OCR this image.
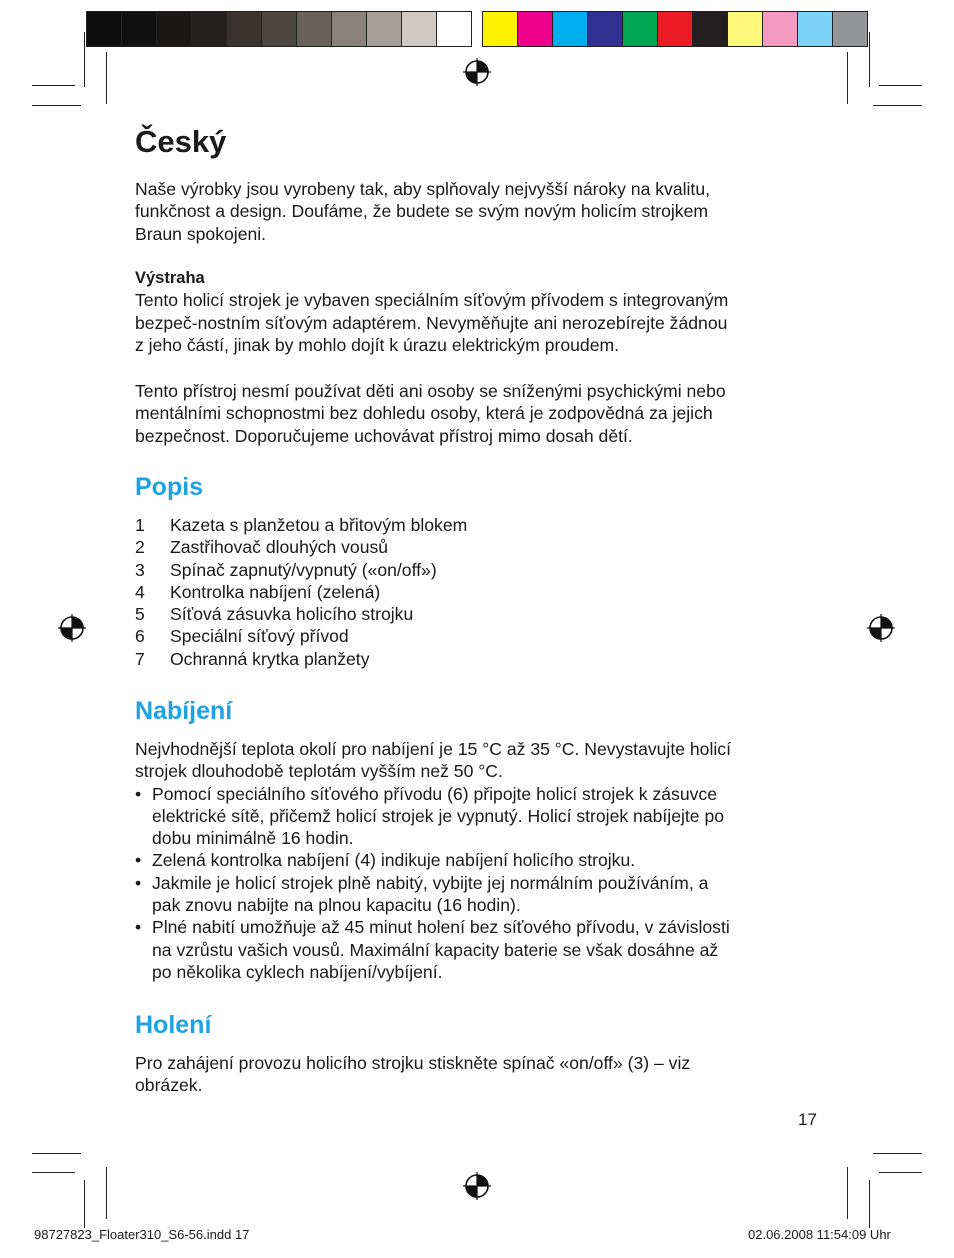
Český

Naše výrobky jsou vyrobeny tak, aby splňovaly nejvyšší nároky na kvalitu,

funkčnost a design. Doufáme, že budete se svým novým holicím strojkem

Braun spokojeni.

Výstraha

Tento holicí strojek je vybaven speciálním síťovým přívodem s integrovaným

bezpeč-nostním síťovým adaptérem. Nevyměňujte ani nerozebírejte žádnou

z jeho částí, jinak by mohlo dojít k úrazu elektrickým proudem.

Tento přístroj nesmí používat děti ani osoby se sníženými psychickými nebo

mentálními schopnostmi bez dohledu osoby, která je zodpovědná za jejich

bezpečnost. Doporučujeme uchovávat přístroj mimo dosah dětí.

Popis
1	Kazeta s planžetou a břitovým blokem
2	Zastřihovač dlouhých vousů
3	Spínač zapnutý/vypnutý («on/off»)
4	Kontrolka nabíjení (zelená)
5	Síťová zásuvka holicího strojku
6	Speciální síťový přívod
7	Ochranná krytka planžety
Nabíjení

Nejvhodnější teplota okolí pro nabíjení je 15 °C až 35 °C. Nevystavujte holicí

strojek dlouhodobě teplotám vyšším než 50 °C.

• Pomocí speciálního síťového přívodu (6) připojte holicí strojek k zásuvce
elektrické sítě, přičemž holicí strojek je vypnutý. Holicí strojek nabíjejte po
dobu minimálně 16 hodin.
• Zelená kontrolka nabíjení (4) indikuje nabíjení holicího strojku.
• Jakmile je holicí strojek plně nabitý, vybijte jej normálním používáním, a
pak znovu nabijte na plnou kapacitu (16 hodin).
• Plné nabití umožňuje až 45 minut holení bez síťového přívodu, v závislosti
na vzrůstu vašich vousů. Maximální kapacity baterie se však dosáhne až
po několika cyklech nabíjení/vybíjení.
Holení

Pro zahájení provozu holicího strojku stiskněte spínač «on/off» (3) – viz

obrázek.

17
98727823_Floater310_S6-56.indd 17	02.06.2008 11:54:09 Uhr
